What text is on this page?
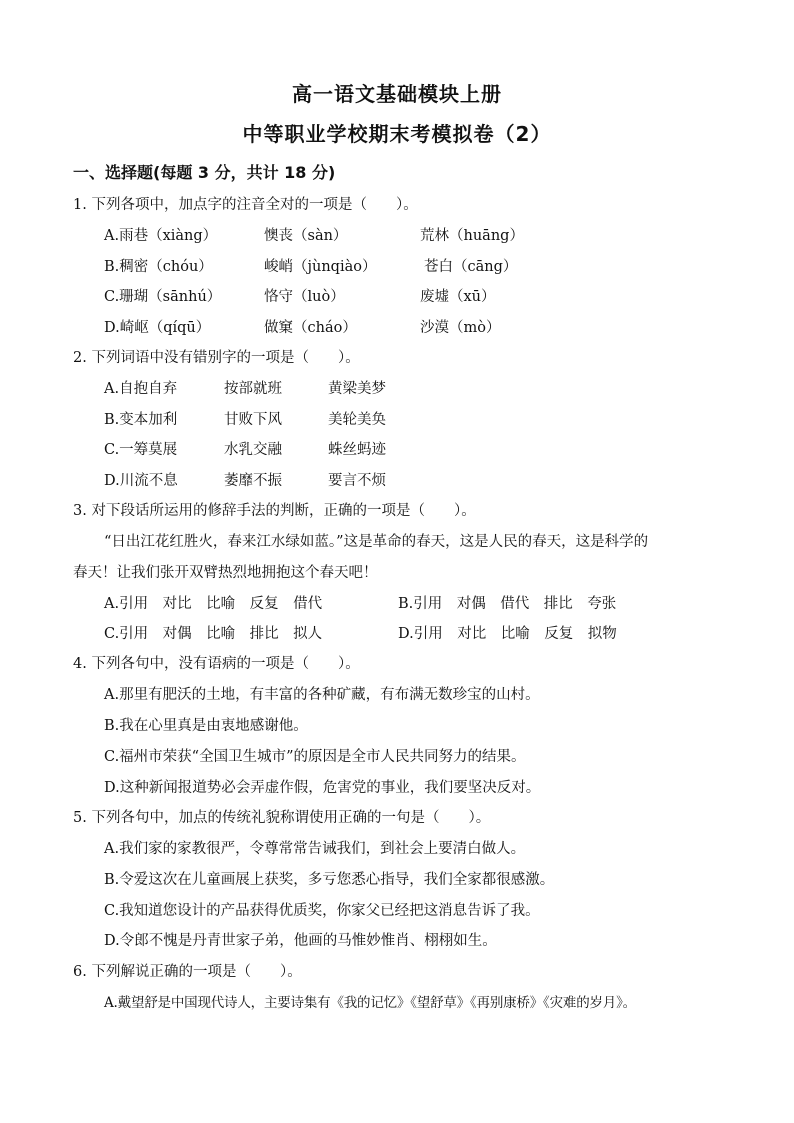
高一语文基础模块上册
中等职业学校期末考模拟卷（2）
一、选择题(每题 3 分，共计 18 分)
1. 下列各项中，加点字的注音全对的一项是（　　）。
A.雨巷（xiàng）	懊丧（sàn）	荒林（huāng）
B.稠密（chóu）	峻峭（jùnqiào）	苍白（cāng）
C.珊瑚（sānhú）	恪守（luò）	废墟（xū）
D.崎岖（qíqū）	做窠（cháo）	沙漠（mò）
2. 下列词语中没有错别字的一项是（　　）。
A.自抱自弃	按部就班	黄梁美梦
B.变本加利	甘败下风	美轮美奂
C.一筹莫展	水乳交融	蛛丝蚂迹
D.川流不息	萎靡不振	要言不烦
3. 对下段话所运用的修辞手法的判断，正确的一项是（　　）。
“日出江花红胜火，春来江水绿如蓝。”这是革命的春天，这是人民的春天，这是科学的
春天！让我们张开双臂热烈地拥抱这个春天吧！
A.引用　对比　比喻　反复　借代	B.引用　对偶　借代　排比　夸张
C.引用　对偶　比喻　排比　拟人	D.引用　对比　比喻　反复　拟物
4. 下列各句中，没有语病的一项是（　　）。
A.那里有肥沃的土地，有丰富的各种矿藏，有布满无数珍宝的山村。
B.我在心里真是由衷地感谢他。
C.福州市荣获“全国卫生城市”的原因是全市人民共同努力的结果。
D.这种新闻报道势必会弄虚作假，危害党的事业，我们要坚决反对。
5. 下列各句中，加点的传统礼貌称谓使用正确的一句是（　　）。
A.我们家的家教很严，令尊常常告诫我们，到社会上要清白做人。
B.令爱这次在儿童画展上获奖，多亏您悉心指导，我们全家都很感激。
C.我知道您设计的产品获得优质奖，你家父已经把这消息告诉了我。
D.令郎不愧是丹青世家子弟，他画的马惟妙惟肖、栩栩如生。
6. 下列解说正确的一项是（　　）。
A.戴望舒是中国现代诗人，主要诗集有《我的记忆》《望舒草》《再别康桥》《灾难的岁月》。
